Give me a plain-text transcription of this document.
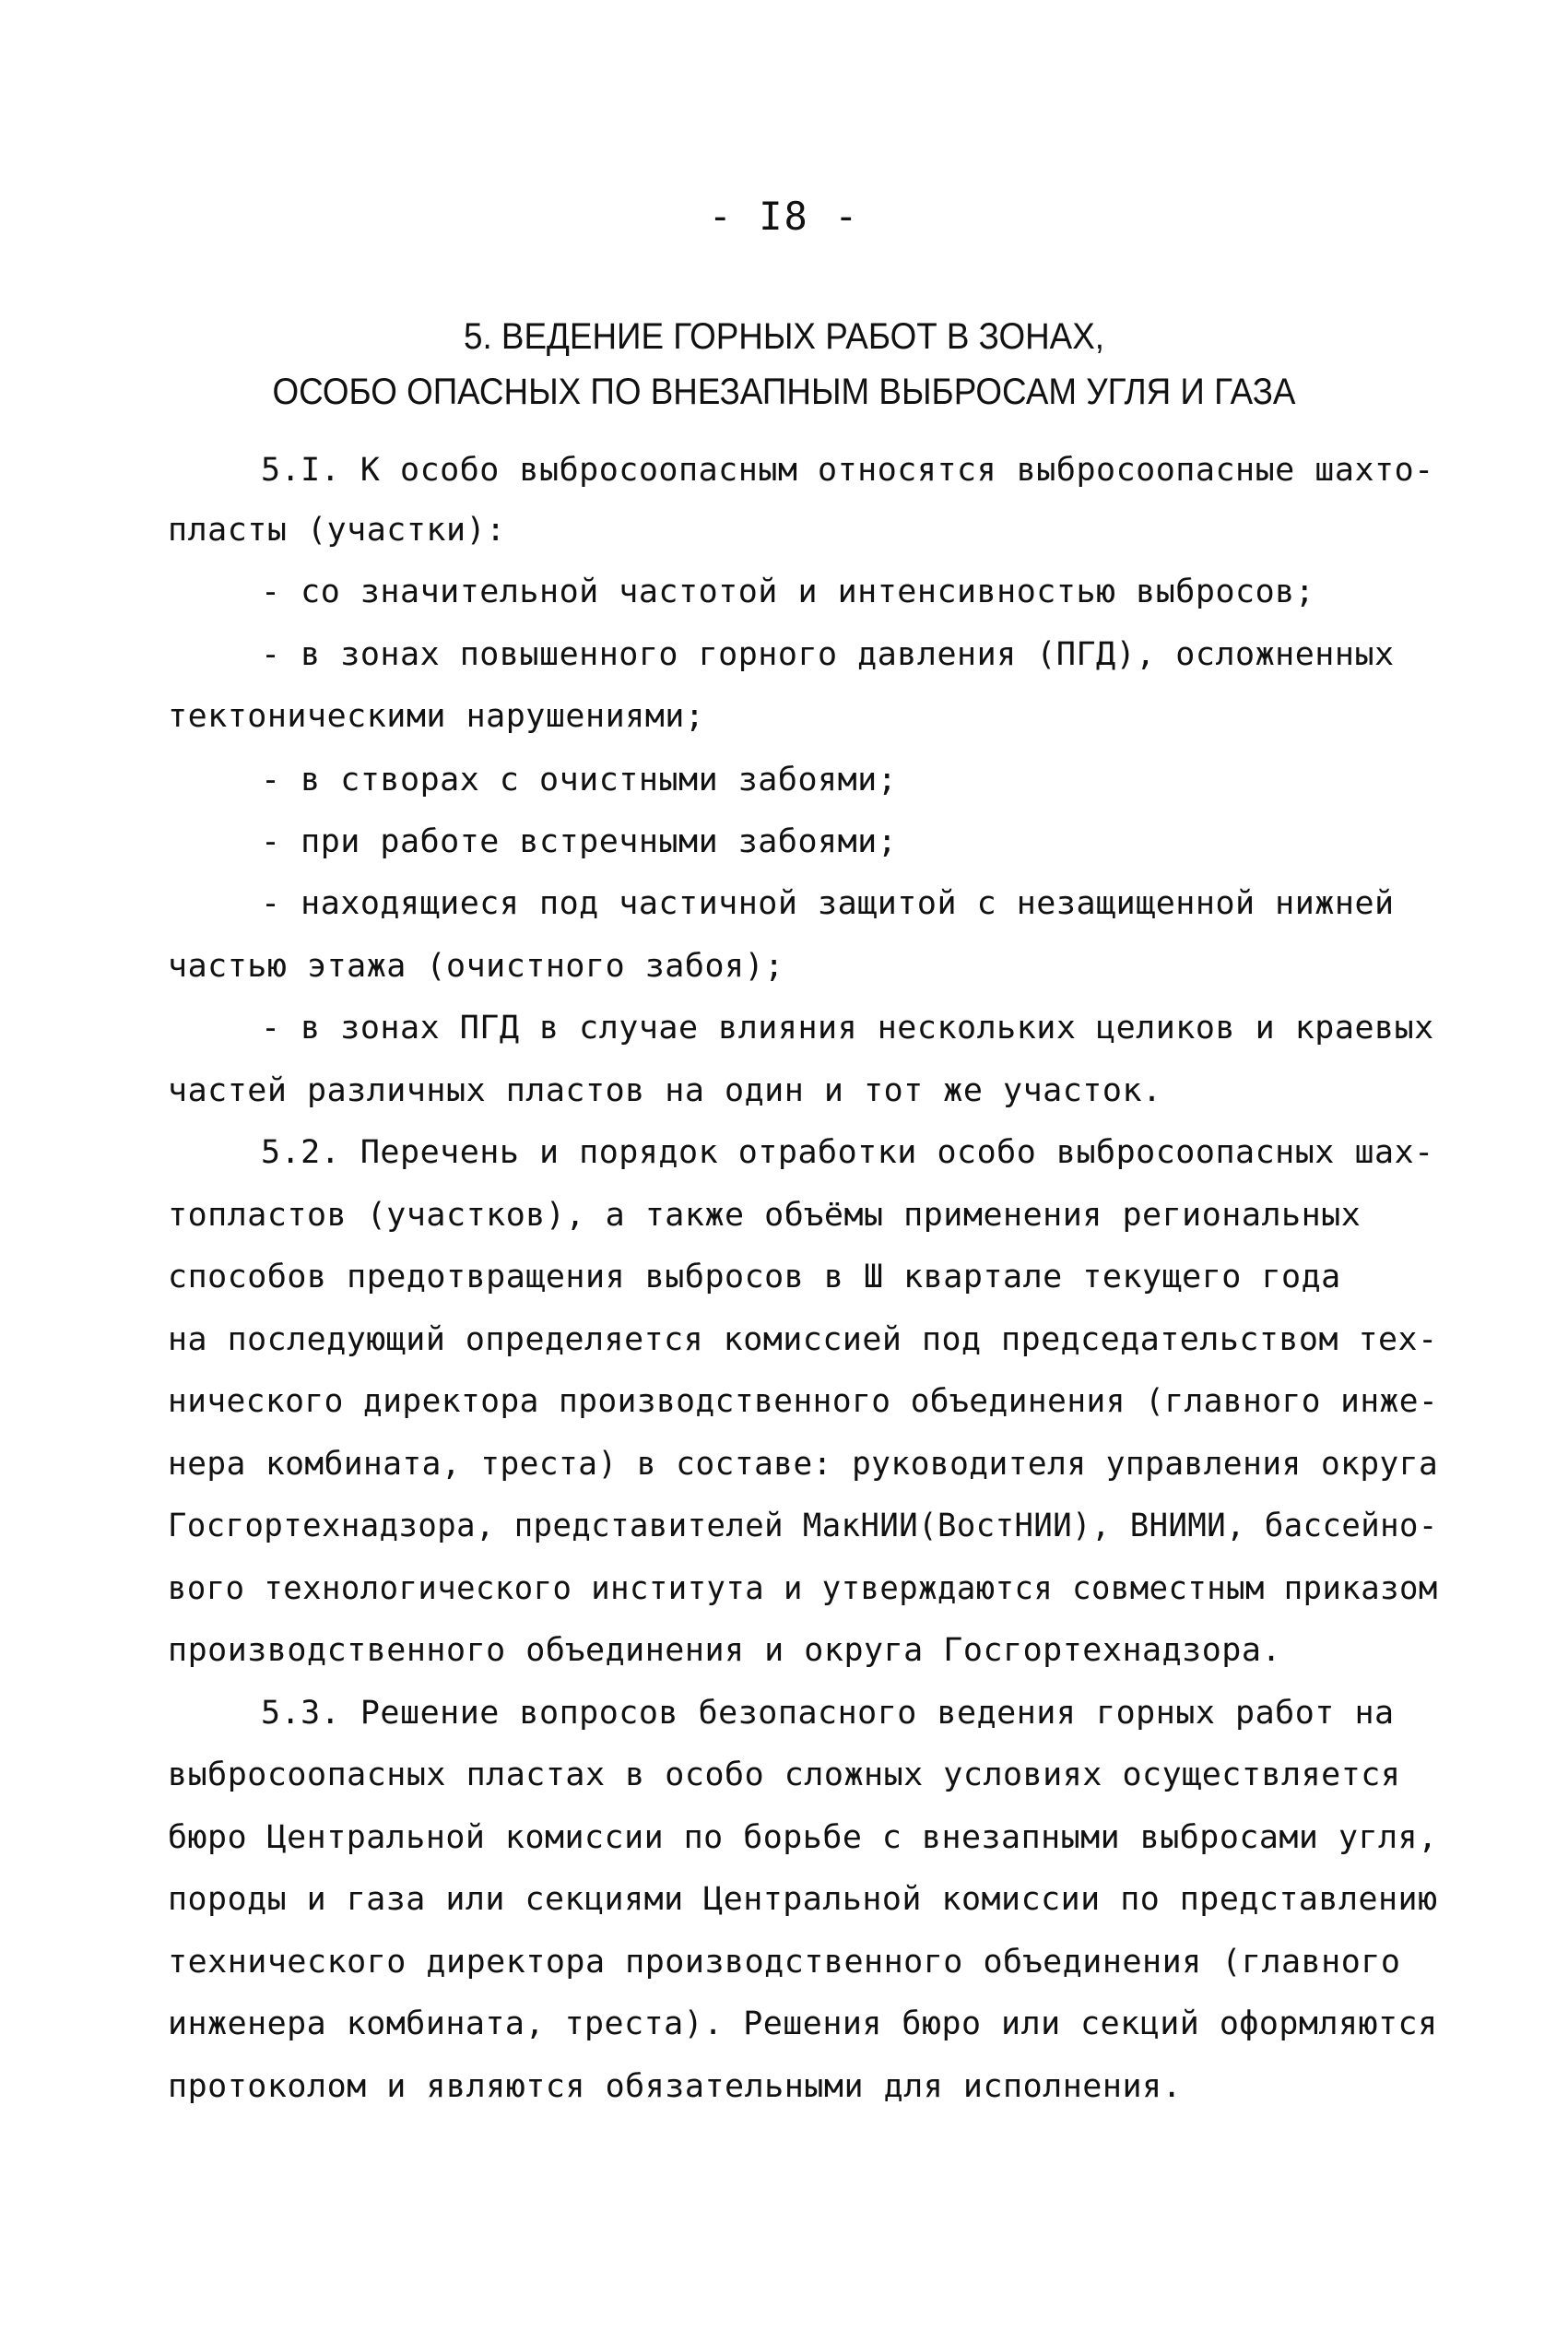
- I8 -
5. ВЕДЕНИЕ ГОРНЫХ РАБОТ В ЗОНАХ,
ОСОБО ОПАСНЫХ ПО ВНЕЗАПНЫМ ВЫБРОСАМ УГЛЯ И ГАЗА
5.I. К особо выбросоопасным относятся выбросоопасные шахто-
пласты (участки):
- со значительной частотой и интенсивностью выбросов;
- в зонах повышенного горного давления (ПГД), осложненных
тектоническими нарушениями;
- в створах с очистными забоями;
- при работе встречными забоями;
- находящиеся под частичной защитой с незащищенной нижней
частью этажа (очистного забоя);
- в зонах ПГД в случае влияния нескольких целиков и краевых
частей различных пластов на один и тот же участок.
5.2. Перечень и порядок отработки особо выбросоопасных шах-
топластов (участков), а также объёмы применения региональных
способов предотвращения выбросов в Ш квартале текущего года
на последующий определяется комиссией под председательством тех-
нического директора производственного объединения (главного инже-
нера комбината, треста) в составе: руководителя управления округа
Госгортехнадзора, представителей МакНИИ(ВостНИИ), ВНИМИ, бассейно-
вого технологического института и утверждаются совместным приказом
производственного объединения и округа Госгортехнадзора.
5.3. Решение вопросов безопасного ведения горных работ на
выбросоопасных пластах в особо сложных условиях осуществляется
бюро Центральной комиссии по борьбе с внезапными выбросами угля,
породы и газа или секциями Центральной комиссии по представлению
технического директора производственного объединения (главного
инженера комбината, треста). Решения бюро или секций оформляются
протоколом и являются обязательными для исполнения.
